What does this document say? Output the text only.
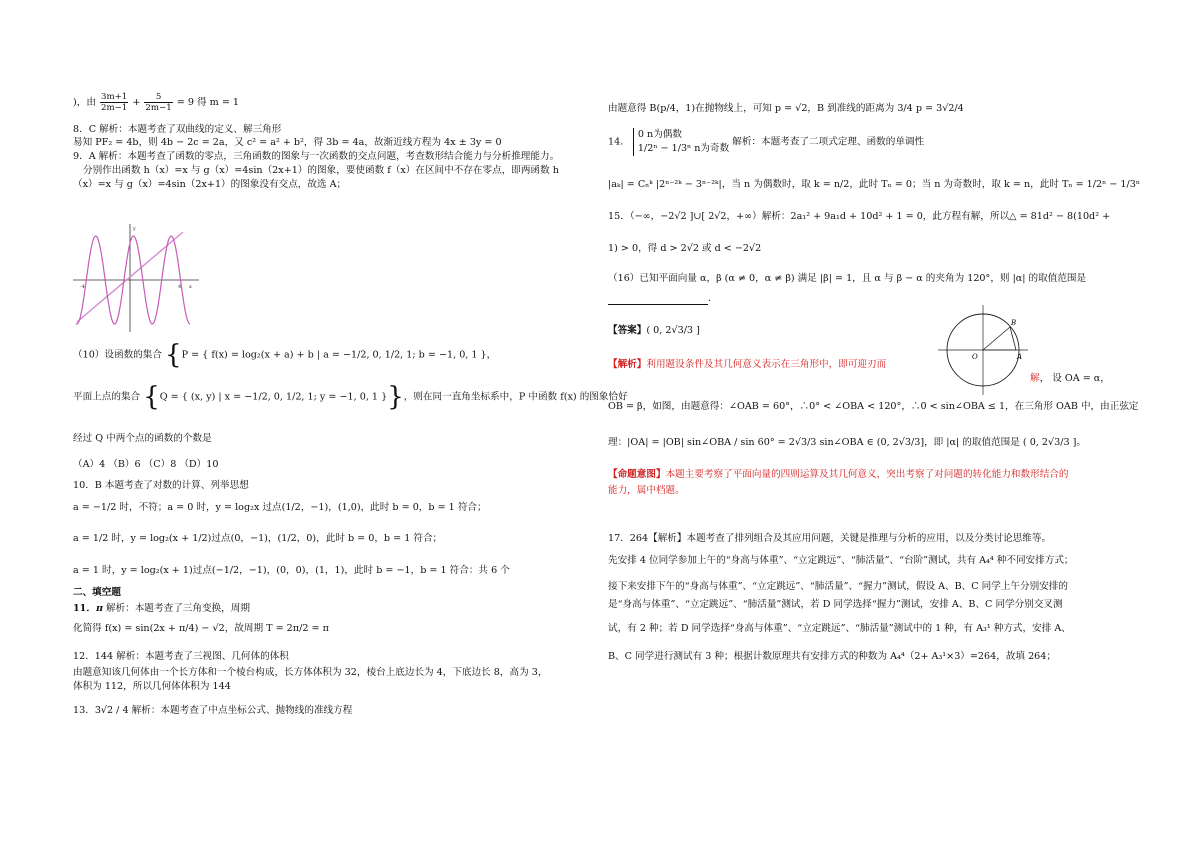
)，由 $\frac{3m+1}{2m-1} + \frac{5}{2m-1} = 9$ 得 m = 1
8．C 解析：本题考查了双曲线的定义、解三角形
易知 PF₂ = 4b，则 4b − 2c = 2a，又 c² = a² + b²，得 3b = 4a，故渐近线方程为 4x ± 3y = 0
9．A 解析：本题考查了函数的零点，三角函数的图象与一次函数的交点问题，考查数形结合能力与分析推理能力。
分别作出函数 h（x）=x 与 g（x）=4sin（2x+1）的图象，要使函数 f（x）在区间中不存在零点，即两函数 h
（x）=x 与 g（x）=4sin（2x+1）的图象没有交点，故选 A；
-4	4 x
y
（10）设函数的集合 {P = { f(x) = log₂(x + a) + b | a = −1/2, 0, 1/2, 1; b = −1, 0, 1 }，
平面上点的集合 {Q = { (x, y) | x = −1/2, 0, 1/2, 1; y = −1, 0, 1 }}，则在同一直角坐标系中，P 中函数 f(x) 的图象恰好
经过 Q 中两个点的函数的个数是
（A）4 （B）6 （C）8 （D）10
10．B 本题考查了对数的计算、列举思想
a = −1/2 时，不符；a = 0 时，y = log₂x 过点(1/2，−1)，(1,0)，此时 b = 0，b = 1 符合；
a = 1/2 时，y = log₂(x + 1/2)过点(0，−1)，(1/2，0)，此时 b = 0，b = 1 符合；
a = 1 时，y = log₂(x + 1)过点(−1/2，−1)，(0，0)，(1，1)，此时 b = −1，b = 1 符合：共 6 个
二、填空题
11．π 解析：本题考查了三角变换，周期
化简得 f(x) = sin(2x + π/4) − √2，故周期 T = 2π/2 = π
12．144 解析：本题考查了三视图、几何体的体积
由题意知该几何体由一个长方体和一个棱台构成，长方体体积为 32，棱台上底边长为 4，下底边长 8，高为 3，
体积为 112，所以几何体体积为 144
13．3√2 / 4 解析：本题考查了中点坐标公式、抛物线的准线方程
由题意得 B(p/4，1)在抛物线上，可知 p = √2，B 到准线的距离为 3/4 p = 3√2/4
14．
0 n为偶数
1/2ⁿ − 1/3ⁿ n为奇数
解析：本题考查了二项式定理、函数的单调性
|aₖ| = Cₙᵏ |2ⁿ⁻²ᵏ − 3ⁿ⁻²ᵏ|，当 n 为偶数时，取 k = n/2，此时 Tₙ = 0；当 n 为奇数时，取 k = n，此时 Tₙ = 1/2ⁿ − 1/3ⁿ
15．（−∞，−2√2 ]∪[ 2√2，+∞）解析：2a₁² + 9a₁d + 10d² + 1 = 0，此方程有解，所以△ = 81d² − 8(10d² +
1) > 0，得 d > 2√2 或 d < −2√2
（16）已知平面向量 α，β (α ≠ 0，α ≠ β) 满足 |β| = 1，且 α 与 β − α 的夹角为 120°，则 |α| 的取值范围是
.
【答案】( 0, 2√3/3 ]
【解析】利用题设条件及其几何意义表示在三角形中，即可迎刃而
解， 设 OA = α，
O	A
B
OB = β，如图，由题意得：∠OAB = 60°，∴0° < ∠OBA < 120°，∴0 < sin∠OBA ≤ 1，在三角形 OAB 中，由正弦定
理：|OA| = |OB| sin∠OBA / sin 60° = 2√3/3 sin∠OBA ∈ (0, 2√3/3]，即 |α| 的取值范围是 ( 0, 2√3/3 ]。
【命题意图】本题主要考察了平面向量的四则运算及其几何意义，突出考察了对问题的转化能力和数形结合的
能力，属中档题。
17．264【解析】本题考查了排列组合及其应用问题，关键是推理与分析的应用，以及分类讨论思维等。
先安排 4 位同学参加上午的“身高与体重”、“立定跳远”、“肺活量”、“台阶”测试，共有 A₄⁴ 种不同安排方式；
接下来安排下午的“身高与体重”、“立定跳远”、“肺活量”、“握力”测试，假设 A、B、C 同学上午分别安排的
是“身高与体重”、“立定跳远”、“肺活量”测试，若 D 同学选择“握力”测试，安排 A、B、C 同学分别交叉测
试，有 2 种；若 D 同学选择“身高与体重”、“立定跳远”、“肺活量”测试中的 1 种，有 A₃¹ 种方式，安排 A、
B、C 同学进行测试有 3 种；根据计数原理共有安排方式的种数为 A₄⁴（2+ A₃¹×3）=264，故填 264；
